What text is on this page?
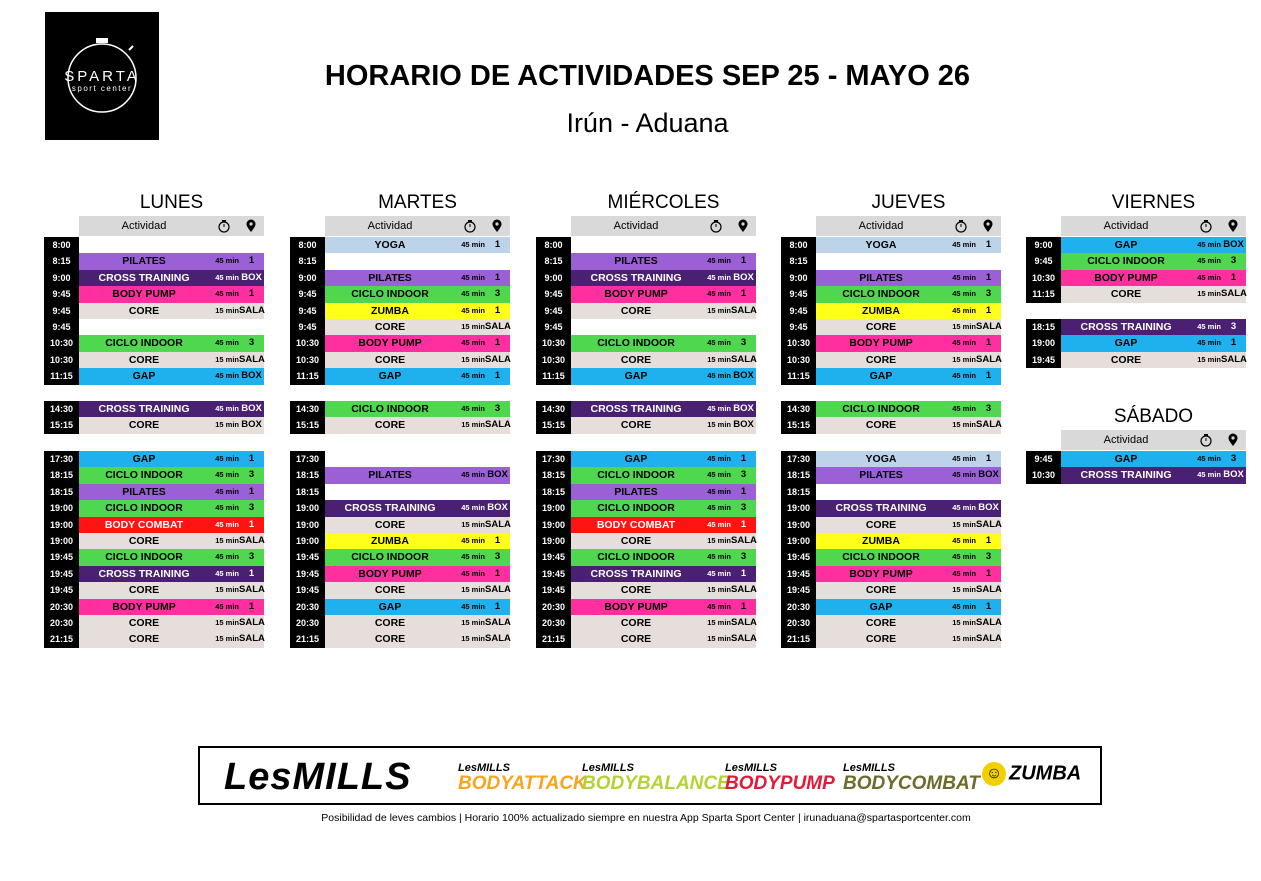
SPARTA
sport center	HORARIO DE ACTIVIDADES SEP 25 - MAYO 26
Irún - Aduana
LUNES
Actividad
8:00
8:15	PILATES	45 min	1
9:00	CROSS TRAINING	45 min BOX
9:45	BODY PUMP	45 min	1
9:45	CORE	15 min SALA
9:45
10:30	CICLO INDOOR	45 min	3
10:30	CORE	15 min SALA
11:15	GAP	45 min BOX
14:30	CROSS TRAINING	45 min BOX
15:15	CORE	15 min BOX
17:30	GAP	45 min	1
18:15	CICLO INDOOR	45 min	3
18:15	PILATES	45 min	1
19:00	CICLO INDOOR	45 min	3
19:00	BODY COMBAT	45 min	1
19:00	CORE	15 min SALA
19:45	CICLO INDOOR	45 min	3
19:45	CROSS TRAINING	45 min	1
19:45	CORE	15 min SALA
20:30	BODY PUMP	45 min	1
20:30	CORE	15 min SALA
21:15	CORE	15 min SALA
MARTES
Actividad
8:00	YOGA	45 min	1
8:15
9:00	PILATES	45 min	1
9:45	CICLO INDOOR	45 min	3
9:45	ZUMBA	45 min	1
9:45	CORE	15 min SALA
10:30	BODY PUMP	45 min	1
10:30	CORE	15 min SALA
11:15	GAP	45 min	1
14:30	CICLO INDOOR	45 min	3
15:15	CORE	15 min SALA
17:30
18:15	PILATES	45 min BOX
18:15
19:00	CROSS TRAINING	45 min BOX
19:00	CORE	15 min SALA
19:00	ZUMBA	45 min	1
19:45	CICLO INDOOR	45 min	3
19:45	BODY PUMP	45 min	1
19:45	CORE	15 min SALA
20:30	GAP	45 min	1
20:30	CORE	15 min SALA
21:15	CORE	15 min SALA
MIÉRCOLES
Actividad
8:00
8:15	PILATES	45 min	1
9:00	CROSS TRAINING	45 min BOX
9:45	BODY PUMP	45 min	1
9:45	CORE	15 min SALA
9:45
10:30	CICLO INDOOR	45 min	3
10:30	CORE	15 min SALA
11:15	GAP	45 min BOX
14:30	CROSS TRAINING	45 min BOX
15:15	CORE	15 min BOX
17:30	GAP	45 min	1
18:15	CICLO INDOOR	45 min	3
18:15	PILATES	45 min	1
19:00	CICLO INDOOR	45 min	3
19:00	BODY COMBAT	45 min	1
19:00	CORE	15 min SALA
19:45	CICLO INDOOR	45 min	3
19:45	CROSS TRAINING	45 min	1
19:45	CORE	15 min SALA
20:30	BODY PUMP	45 min	1
20:30	CORE	15 min SALA
21:15	CORE	15 min SALA
JUEVES
Actividad
8:00	YOGA	45 min	1
8:15
9:00	PILATES	45 min	1
9:45	CICLO INDOOR	45 min	3
9:45	ZUMBA	45 min	1
9:45	CORE	15 min SALA
10:30	BODY PUMP	45 min	1
10:30	CORE	15 min SALA
11:15	GAP	45 min	1
14:30	CICLO INDOOR	45 min	3
15:15	CORE	15 min SALA
17:30	YOGA	45 min	1
18:15	PILATES	45 min BOX
18:15
19:00	CROSS TRAINING	45 min BOX
19:00	CORE	15 min SALA
19:00	ZUMBA	45 min	1
19:45	CICLO INDOOR	45 min	3
19:45	BODY PUMP	45 min	1
19:45	CORE	15 min SALA
20:30	GAP	45 min	1
20:30	CORE	15 min SALA
21:15	CORE	15 min SALA
VIERNES
Actividad
9:00	GAP	45 min BOX
9:45	CICLO INDOOR	45 min	3
10:30	BODY PUMP	45 min	1
11:15	CORE	15 min SALA
18:15	CROSS TRAINING	45 min	3
19:00	GAP	45 min	1
19:45	CORE	15 min SALA
SÁBADO
Actividad
9:45	GAP	45 min	3
10:30	CROSS TRAINING	45 min BOX
LesMILLS	LesMILLS
BODYATTACK
LesMILLS
BODYBALANCE
LesMILLS
BODYPUMP
LesMILLS
BODYCOMBAT ☺ ZUMBA
Posibilidad de leves cambios | Horario 100% actualizado siempre en nuestra App Sparta Sport Center | irunaduana@spartasportcenter.com
